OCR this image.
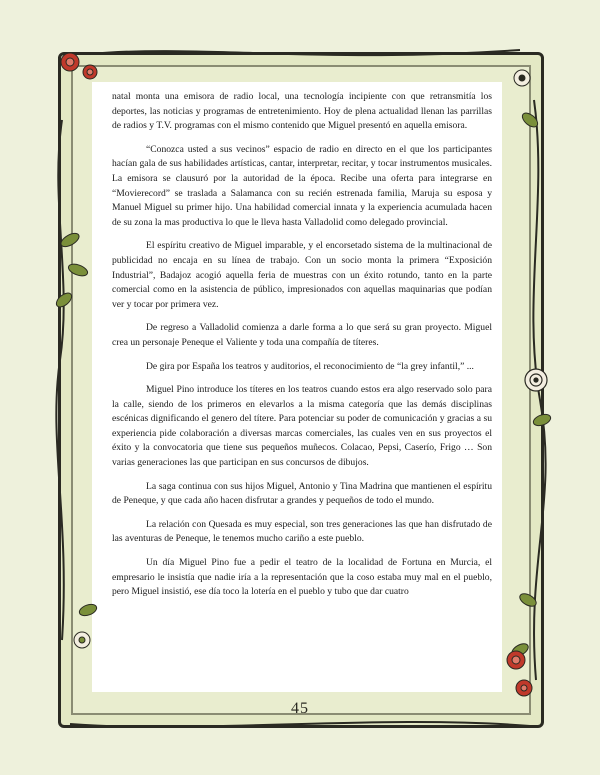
natal monta una emisora de radio local, una tecnología incipiente con que retransmitía los deportes, las noticias y programas de entretenimiento. Hoy de plena actualidad llenan las parrillas de radios y T.V. programas con el mismo contenido que Miguel presentó en aquella emisora.

“Conozca usted a sus vecinos” espacio de radio en directo en el que los participantes hacían gala de sus habilidades artísticas, cantar, interpretar, recitar, y tocar instrumentos musicales. La emisora se clausuró por la autoridad de la época. Recibe una oferta para integrarse en “Movierecord” se traslada a Salamanca con su recién estrenada familia, Maruja su esposa y Manuel Miguel su primer hijo. Una habilidad comercial innata y la experiencia acumulada hacen de su zona la mas productiva lo que le lleva hasta Valladolid como delegado provincial.

El espíritu creativo de Miguel imparable, y el encorsetado sistema de la multinacional de publicidad no encaja en su línea de trabajo. Con un socio monta la primera “Exposición Industrial”, Badajoz acogió aquella feria de muestras con un éxito rotundo, tanto en la parte comercial como en la asistencia de público, impresionados con aquellas maquinarias que podían ver y tocar por primera vez.

De regreso a Valladolid comienza a darle forma a lo que será su gran proyecto. Miguel crea un personaje Peneque el Valiente y toda una compañía de títeres.

De gira por España los teatros y auditorios, el reconocimiento de “la grey infantil,” ...

Miguel Pino introduce los títeres en los teatros cuando estos era algo reservado solo para la calle, siendo de los primeros en elevarlos a la misma categoría que las demás disciplinas escénicas dignificando el genero del títere. Para potenciar su poder de comunicación y gracias a su experiencia pide colaboración a diversas marcas comerciales, las cuales ven en sus proyectos el éxito y la convocatoria que tiene sus pequeños muñecos. Colacao, Pepsi, Caserío, Frigo … Son varias generaciones las que participan en sus concursos de dibujos.

La saga continua con sus hijos Miguel, Antonio y Tina Madrina que mantienen el espíritu de Peneque, y que cada año hacen disfrutar a grandes y pequeños de todo el mundo.

La relación con Quesada es muy especial, son tres generaciones las que han disfrutado de las aventuras de Peneque, le tenemos mucho cariño a este pueblo.

Un día Miguel Pino fue a pedir el teatro de la localidad de Fortuna en Murcia, el empresario le insistía que nadie iría a la representación que la coso estaba muy mal en el pueblo, pero Miguel insistió, ese día toco la lotería en el pueblo y tubo que dar cuatro

45
